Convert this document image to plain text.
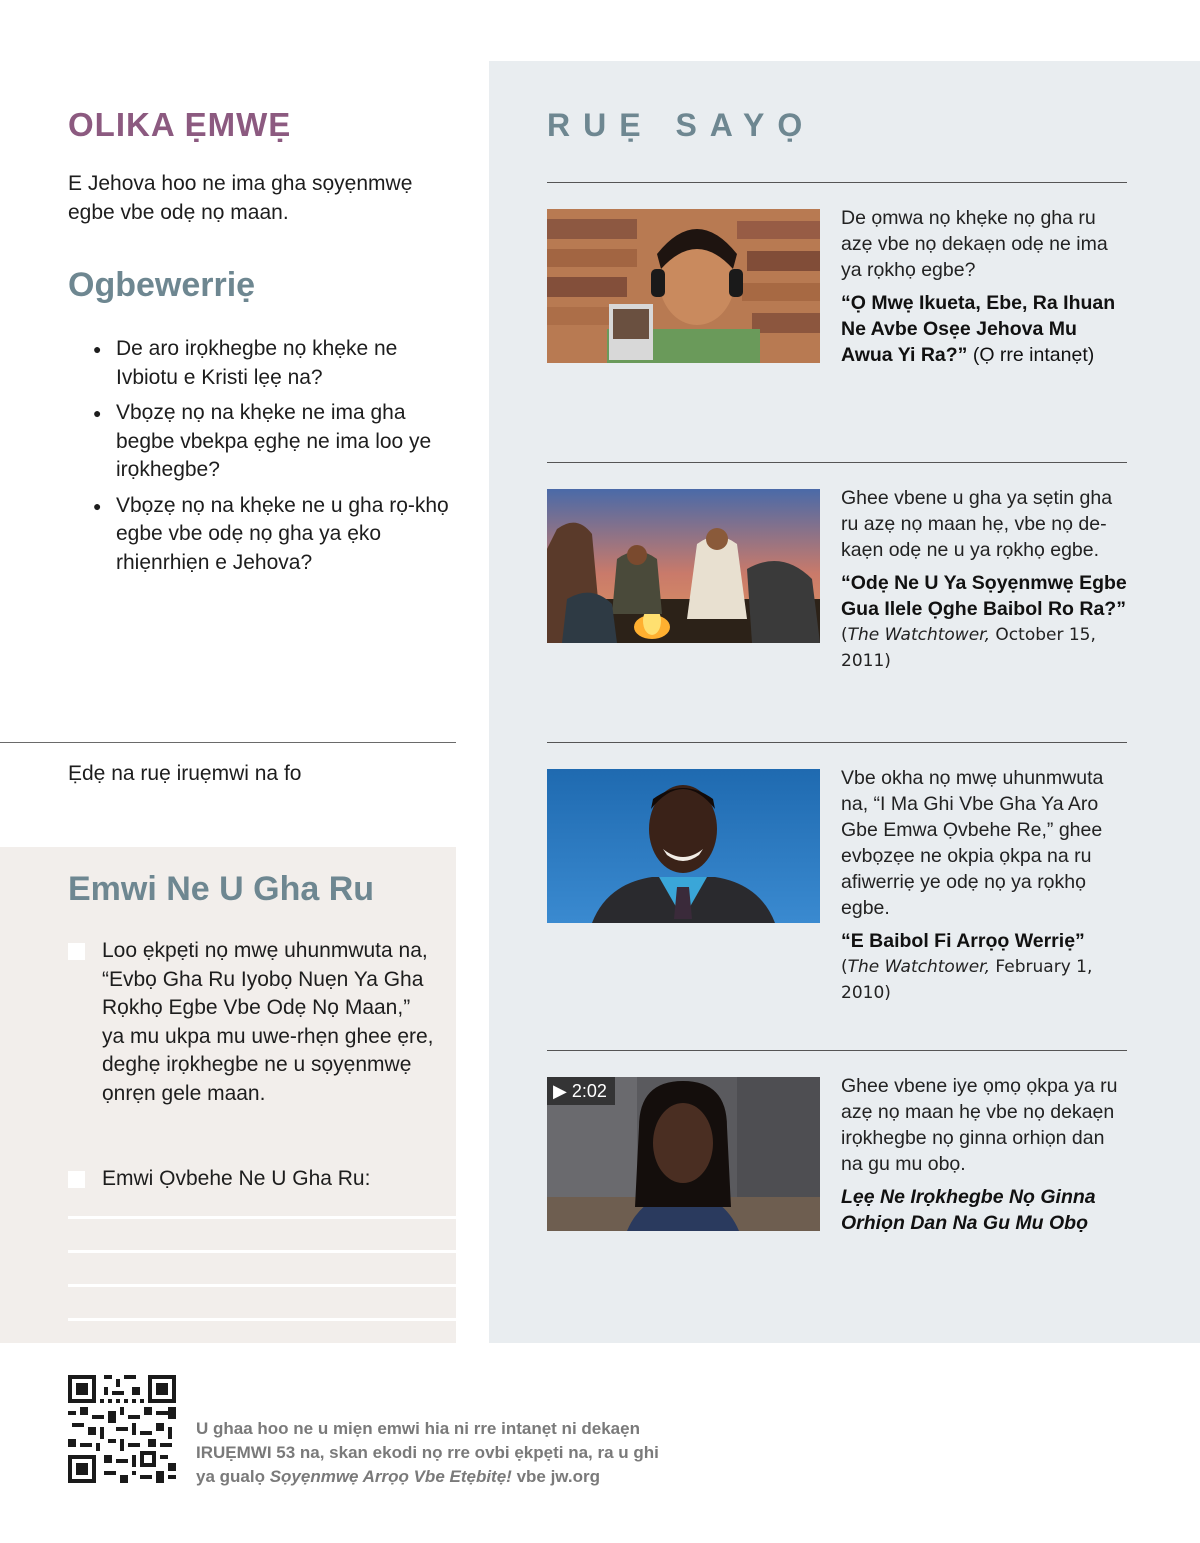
OLIKA ẸMWẸ

E Jehova hoo ne ima gha sọyẹnmwẹ egbe vbe odẹ nọ maan.

Ogbewerriẹ
● De aro irọkhegbe nọ khẹke ne Ivbiotu e Kristi lẹẹ na?
● Vbọzẹ nọ na khẹke ne ima gha begbe vbekpa ẹghẹ ne ima loo ye irọkhegbe?
● Vbọzẹ nọ na khẹke ne u gha rọ-khọ egbe vbe odẹ nọ gha ya ẹko rhiẹnrhiẹn e Jehova?

Ẹdẹ na ruẹ iruẹmwi na fo

Emwi Ne U Gha Ru
Loo ẹkpẹti nọ mwẹ uhunmwuta na, “Evbọ Gha Ru Iyobọ Nuẹn Ya Gha Rọkhọ Egbe Vbe Odẹ Nọ Maan,” ya mu ukpa mu uwe-rhẹn ghee ẹre, deghẹ irọkhegbe ne u sọyẹnmwẹ ọnrẹn gele maan.
Emwi Ọvbehe Ne U Gha Ru:
RUẸ SAYỌ

De ọmwa nọ khẹke nọ gha ru azẹ vbe nọ dekaẹn odẹ ne ima ya rọkhọ egbe?

“Ọ Mwẹ Ikueta, Ebe, Ra Ihuan Ne Avbe Osẹe Jehova Mu Awua Yi Ra?” (Ọ rre intanẹt)

Ghee vbene u gha ya sẹtin gha ru azẹ nọ maan hẹ, vbe nọ de-kaẹn odẹ ne u ya rọkhọ egbe.

“Odẹ Ne U Ya Sọyẹnmwẹ Egbe Gua Ilele Ọghe Baibol Ro Ra?”

(The Watchtower, October 15, 2011)

Vbe okha nọ mwẹ uhunmwuta na, “I Ma Ghi Vbe Gha Ya Aro Gbe Emwa Ọvbehe Re,” ghee evbọzẹe ne okpia ọkpa na ru afiwerriẹ ye odẹ nọ ya rọkhọ egbe.

“E Baibol Fi Arrọọ Werriẹ”

(The Watchtower, February 1, 2010)

▶ 2:02	Ghee vbene iye ọmọ ọkpa ya ru azẹ nọ maan hẹ vbe nọ dekaẹn irọkhegbe nọ ginna orhiọn dan na gu mu obọ.

Lẹẹ Ne Irọkhegbe Nọ Ginna Orhiọn Dan Na Gu Mu Obọ

U ghaa hoo ne u miẹn emwi hia ni rre intanẹt ni dekaẹn
IRUẸMWI 53 na, skan ekodi nọ rre ovbi ẹkpẹti na, ra u ghi
ya gualọ Sọyẹnmwẹ Arrọọ Vbe Etẹbitẹ! vbe jw.org
